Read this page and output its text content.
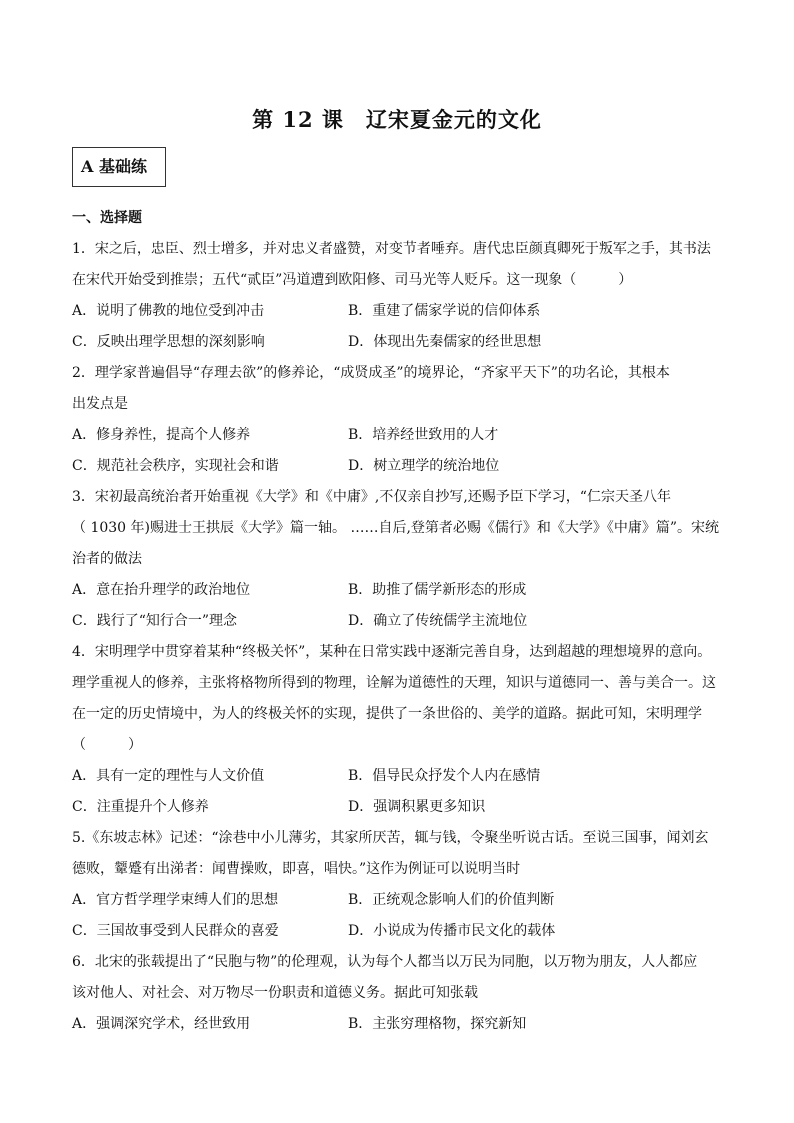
第 12 课　辽宋夏金元的文化
A 基础练
一、选择题
1．宋之后，忠臣、烈士增多，并对忠义者盛赞，对变节者唾弃。唐代忠臣颜真卿死于叛军之手，其书法
在宋代开始受到推崇；五代“贰臣”冯道遭到欧阳修、司马光等人贬斥。这一现象（　　　）
A．说明了佛教的地位受到冲击	B．重建了儒家学说的信仰体系
C．反映出理学思想的深刻影响	D．体现出先秦儒家的经世思想
2．理学家普遍倡导“存理去欲”的修养论，“成贤成圣”的境界论，“齐家平天下”的功名论，其根本
出发点是
A．修身养性，提高个人修养	B．培养经世致用的人才
C．规范社会秩序，实现社会和谐	D．树立理学的统治地位
3．宋初最高统治者开始重视《大学》和《中庸》,不仅亲自抄写,还赐予臣下学习，“仁宗天圣八年
（ 1030 年)赐进士王拱辰《大学》篇一轴。 ……自后,登第者必赐《儒行》和《大学》《中庸》篇”。宋统
治者的做法
A．意在抬升理学的政治地位	B．助推了儒学新形态的形成
C．践行了“知行合一”理念	D．确立了传统儒学主流地位
4．宋明理学中贯穿着某种“终极关怀”，某种在日常实践中逐渐完善自身，达到超越的理想境界的意向。
理学重视人的修养，主张将格物所得到的物理，诠解为道德性的天理，知识与道德同一、善与美合一。这
在一定的历史情境中，为人的终极关怀的实现，提供了一条世俗的、美学的道路。据此可知，宋明理学
（　　　）
A．具有一定的理性与人文价值	B．倡导民众抒发个人内在感情
C．注重提升个人修养	D．强调积累更多知识
5.《东坡志林》记述：“涂巷中小儿薄劣，其家所厌苦，辄与钱，令聚坐听说古话。至说三国事，闻刘玄
德败，颦蹙有出涕者：闻曹操败，即喜，唱快。”这作为例证可以说明当时
A．官方哲学理学束缚人们的思想	B．正统观念影响人们的价值判断
C．三国故事受到人民群众的喜爱	D．小说成为传播市民文化的载体
6．北宋的张载提出了“民胞与物”的伦理观，认为每个人都当以万民为同胞，以万物为朋友，人人都应
该对他人、对社会、对万物尽一份职责和道德义务。据此可知张载
A．强调深究学术，经世致用	B．主张穷理格物，探究新知
